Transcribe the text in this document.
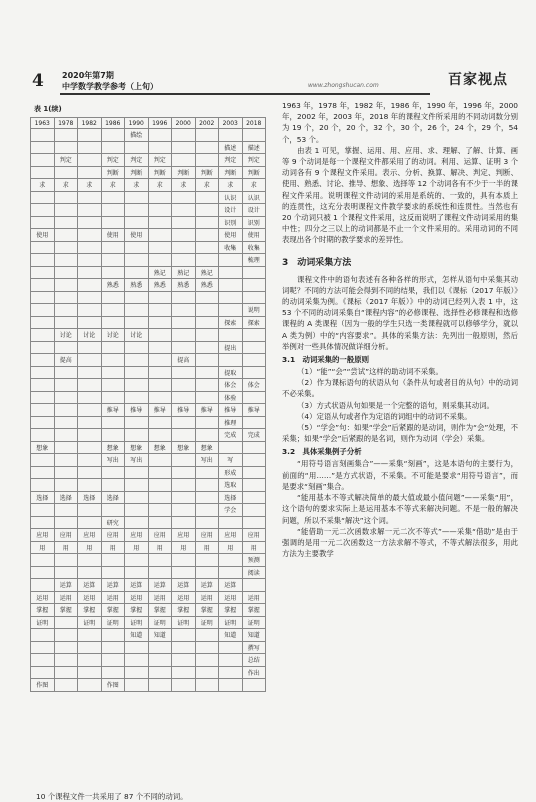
4 2020年第7期
中学数学教学参考（上旬）	www.zhongshucan.com	百家视点
表 1(续)
1963	1978	1982	1986	1990	1996	2000	2002	2003	2018
				描绘					
								描述	描述
	判定		判定	判定	判定			判定	判定
			判断	判断	判断	判断	判断	判断	判断
求	求	求	求	求	求	求	求	求	求
								认识	认识
								设计	设计
								识别	识别
使用			使用	使用				使用	使用
								收集	收集
									梳理
					熟记	熟记	熟记		
			熟悉	熟悉	熟悉	熟悉	熟悉		

									说明
								探索	探索
	讨论	讨论	讨论	讨论					
								提出	
	提高					提高			
								提取	
								体会	体会
								体验	
			推导	推导	推导	推导	推导	推导	推导
								推理	
								完成	完成
想象			想象	想象	想象	想象	想象		
			写出	写出			写出	写	
								形成	
								选取	
选择	选择	选择	选择					选择	
								学会	
			研究						
应用	应用	应用	应用	应用	应用	应用	应用	应用	应用
用	用	用	用	用	用	用	用	用	用
									预测
									阅读
	运算	运算	运算	运算	运算	运算	运算	运算	
运用	运用	运用	运用	运用	运用	运用	运用	运用	运用
掌握	掌握	掌握	掌握	掌握	掌握	掌握	掌握	掌握	掌握
证明		证明	证明	证明	证明	证明	证明	证明	证明
				知道	知道			知道	知道
									撰写
									总结
									作出
作图			作图						
10 个课程文件一共采用了 87 个不同的动词。

1963 年，1978 年，1982 年，1986 年，1990 年，1996 年，2000 年，2002 年，2003 年，2018 年的课程文件所采用的不同动词数分别为 19 个，20 个，20 个，32 个，30 个，26 个，24 个，29 个，54 个，53 个。

由表 1 可见，掌握、运用、用、应用、求、理解、了解、计算、画等 9 个动词是每一个课程文件都采用了的动词。利用、运算、证明 3 个动词各有 9 个课程文件采用。表示、分析、换算、解决、判定、判断、使用、熟悉、讨论、推导、想象、选择等 12 个动词各有不少于一半的课程文件采用。说明课程文件动词的采用是系统的、一致的，具有本质上的连贯性，这充分表明课程文件教学要求的系统性和连贯性。当然也有 20 个动词只被 1 个课程文件采用，这反而说明了课程文件动词采用的集中性；四分之三以上的动词都是不止一个文件采用的。采用动词的不同表现出各个时期的教学要求的差异性。

3　动词采集方法

课程文件中的语句表述有各种各样的形式，怎样从语句中采集其动词呢？不同的方法可能会得到不同的结果，我们以《课标（2017 年版）》的动词采集为例。《课标（2017 年版）》中的动词已经列入表 1 中，这 53 个不同的动词采集自“课程内容”的必修课程、选择性必修课程和选修课程的 A 类课程（因为一般的学生只选一类课程就可以修够学分，就以 A 类为例）中的“内容要求”。具体的采集方法：先列出一般原则，然后举例对一些具体情况做详细分析。

3.1　动词采集的一般原则

（1）“能”“会”“尝试”这样的助动词不采集。

（2）作为课标语句的状语从句（条件从句或者目的从句）中的动词不必采集。

（3）方式状语从句如果是一个完整的语句，则采集其动词。

（4）定语从句或者作为定语的词组中的动词不采集。

（5）“学会”句：如果“学会”后紧跟的是动词，则作为“会”处理，不采集；如果“学会”后紧跟的是名词，则作为动词（学会）采集。

3.2　具体采集例子分析

“用符号语言刻画集合”——采集“刻画”，这是本语句的主要行为，前面的“用……”是方式状语，不采集。不可能是要求“用符号语言”，而是要求“刻画”集合。

“能用基本不等式解决简单的最大值或最小值问题”——采集“用”，这个语句的要求实际上是运用基本不等式来解决问题。不是一般的解决问题，所以不采集“解决”这个词。

“能借助一元二次函数求解一元二次不等式”——采集“借助”是由于强调的是用一元二次函数这一方法求解不等式，不等式解法很多，用此方法为主要教学
